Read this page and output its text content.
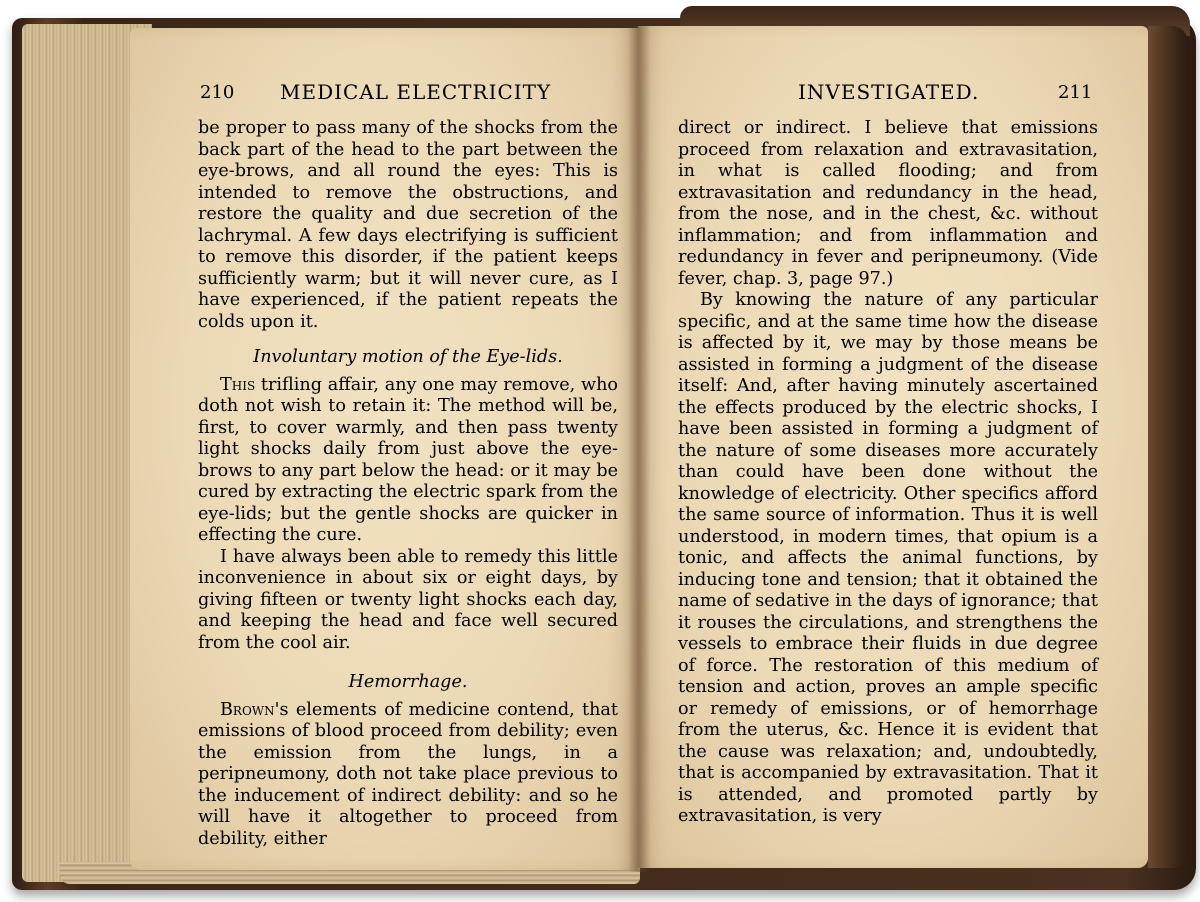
210 MEDICAL ELECTRICITY	INVESTIGATED.	211

be proper to pass many of the shocks from the back part of the head to the part between the eye-brows, and all round the eyes: This is intended to remove the obstructions, and restore the quality and due secretion of the lachrymal. A few days electrifying is sufficient to remove this disorder, if the patient keeps sufficiently warm; but it will never cure, as I have experienced, if the patient repeats the colds upon it.

Involuntary motion of the Eye-lids.

This trifling affair, any one may remove, who doth not wish to retain it: The method will be, first, to cover warmly, and then pass twenty light shocks daily from just above the eye-brows to any part below the head: or it may be cured by extracting the electric spark from the eye-lids; but the gentle shocks are quicker in effecting the cure.

I have always been able to remedy this little inconvenience in about six or eight days, by giving fifteen or twenty light shocks each day, and keeping the head and face well secured from the cool air.

Hemorrhage.

Brown's elements of medicine contend, that emissions of blood proceed from debility; even the emission from the lungs, in a peripneumony, doth not take place previous to the inducement of indirect debility: and so he will have it altogether to proceed from debility, either

direct or indirect. I believe that emissions proceed from relaxation and extravasitation, in what is called flooding; and from extravasitation and redundancy in the head, from the nose, and in the chest, &c. without inflammation; and from inflammation and redundancy in fever and peripneumony. (Vide fever, chap. 3, page 97.)

By knowing the nature of any particular specific, and at the same time how the disease is affected by it, we may by those means be assisted in forming a judgment of the disease itself: And, after having minutely ascertained the effects produced by the electric shocks, I have been assisted in forming a judgment of the nature of some diseases more accurately than could have been done without the knowledge of electricity. Other specifics afford the same source of information. Thus it is well understood, in modern times, that opium is a tonic, and affects the animal functions, by inducing tone and tension; that it obtained the name of sedative in the days of ignorance; that it rouses the circulations, and strengthens the vessels to embrace their fluids in due degree of force. The restoration of this medium of tension and action, proves an ample specific or remedy of emissions, or of hemorrhage from the uterus, &c. Hence it is evident that the cause was relaxation; and, undoubtedly, that is accompanied by extravasitation. That it is attended, and promoted partly by extravasitation, is very
